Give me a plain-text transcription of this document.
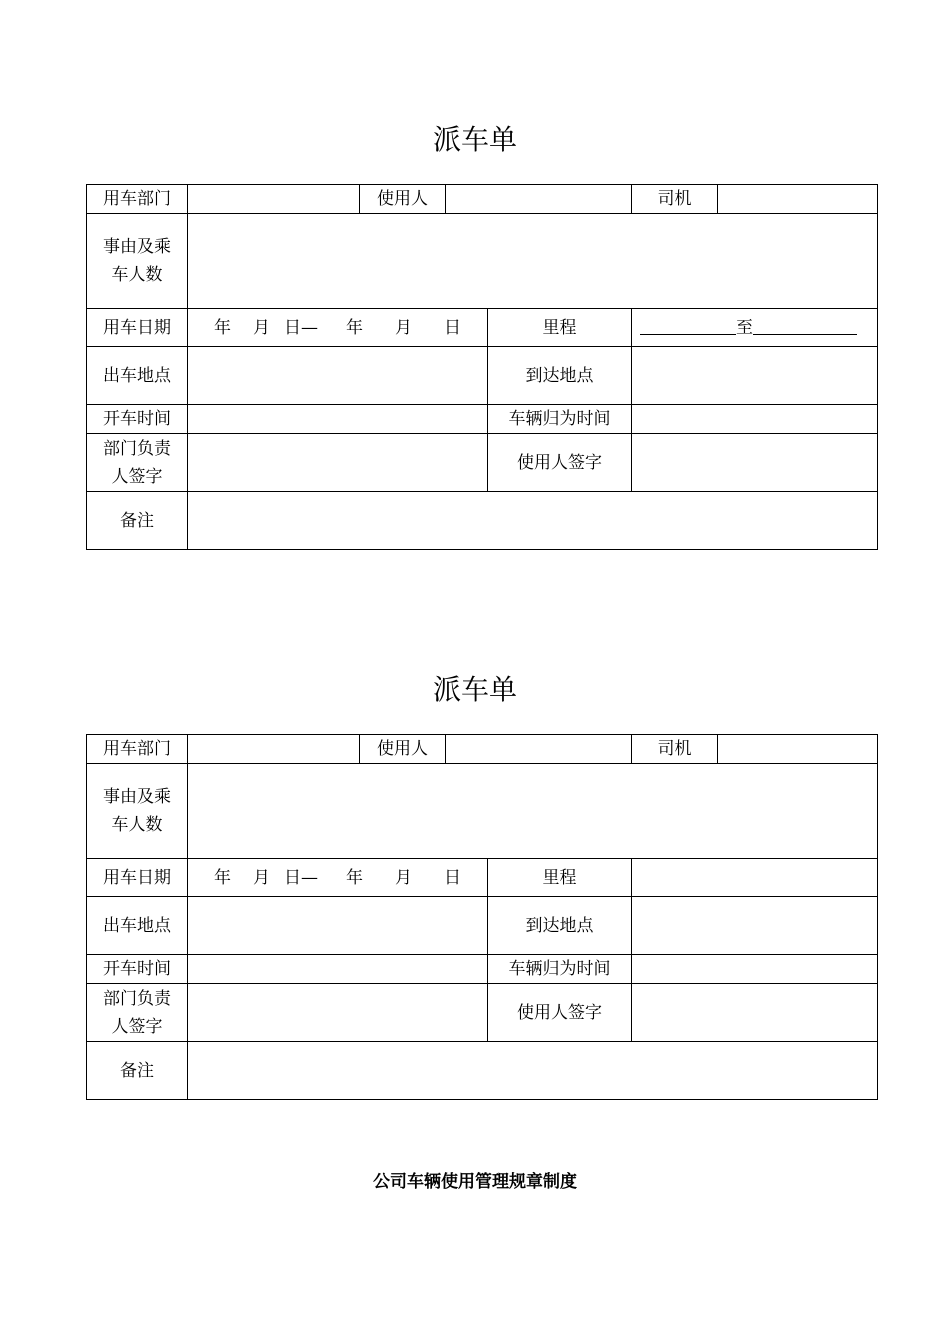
派车单
用车部门		使用人			司机	
事由及乘
车人数						
用车日期	年 月 日— 年 月 日			里程	至	
出车地点				到达地点		
开车时间				车辆归为时间		
部门负责
人签字				使用人签字		
备注						
派车单
用车部门		使用人			司机	
事由及乘
车人数						
用车日期	年 月 日— 年 月 日			里程		
出车地点				到达地点		
开车时间				车辆归为时间		
部门负责
人签字				使用人签字		
备注						
公司车辆使用管理规章制度
